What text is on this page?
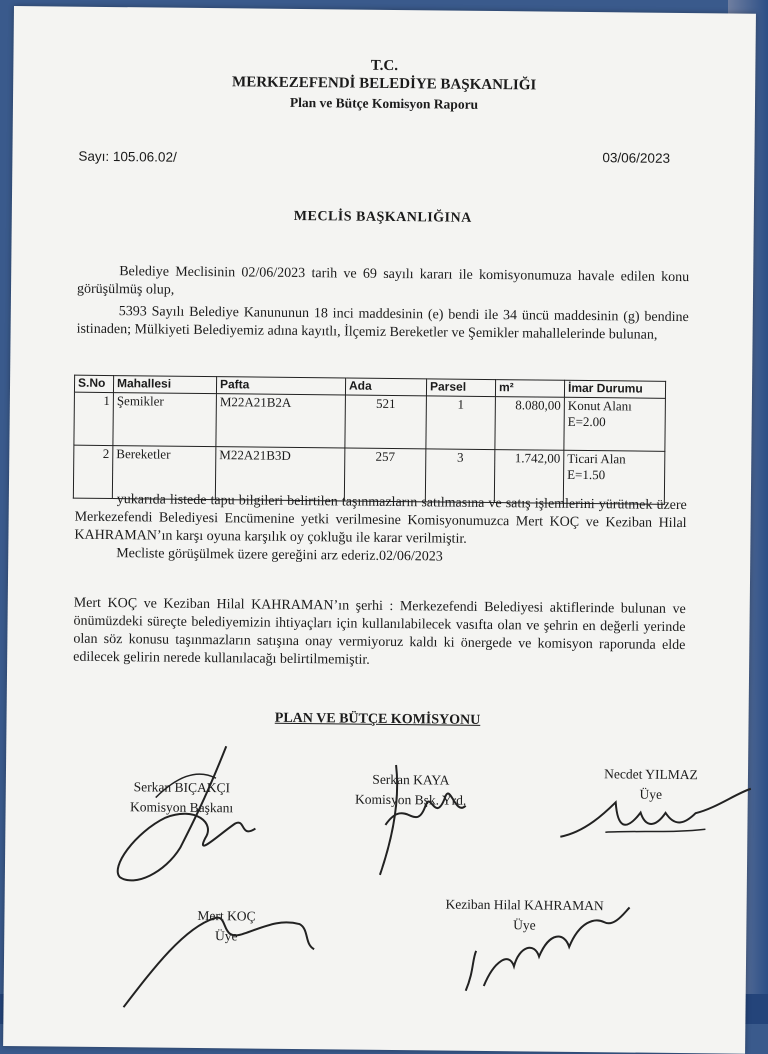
T.C.
MERKEZEFENDİ BELEDİYE BAŞKANLIĞI
Plan ve Bütçe Komisyon Raporu
Sayı: 105.06.02/	03/06/2023
MECLİS BAŞKANLIĞINA
Belediye Meclisinin 02/06/2023 tarih ve 69 sayılı kararı ile komisyonumuza havale edilen konu görüşülmüş olup,
5393 Sayılı Belediye Kanununun 18 inci maddesinin (e) bendi ile 34 üncü maddesinin (g) bendine istinaden; Mülkiyeti Belediyemiz adına kayıtlı, İlçemiz Bereketler ve Şemikler mahallelerinde bulunan,
S.No	Mahallesi	Pafta	Ada	Parsel	m²	İmar Durumu
1	Şemikler	M22A21B2A	521	1	8.080,00	Konut Alanı
E=2.00
2	Bereketler	M22A21B3D	257	3	1.742,00	Ticari Alan
E=1.50
yukarıda listede tapu bilgileri belirtilen taşınmazların satılmasına ve satış işlemlerini yürütmek üzere Merkezefendi Belediyesi Encümenine yetki verilmesine Komisyonumuzca Mert KOÇ ve Keziban Hilal KAHRAMAN’ın karşı oyuna karşılık oy çokluğu ile karar verilmiştir.
Mecliste görüşülmek üzere gereğini arz ederiz.02/06/2023
Mert KOÇ ve Keziban Hilal KAHRAMAN’ın şerhi : Merkezefendi Belediyesi aktiflerinde bulunan ve önümüzdeki süreçte belediyemizin ihtiyaçları için kullanılabilecek vasıfta olan ve şehrin en değerli yerinde olan söz konusu taşınmazların satışına onay vermiyoruz kaldı ki önergede ve komisyon raporunda elde edilecek gelirin nerede kullanılacağı belirtilmemiştir.
PLAN VE BÜTÇE KOMİSYONU
Serkan BIÇAKÇI
Komisyon Başkanı
Serkan KAYA
Komisyon Bşk. Yrd.
Necdet YILMAZ
Üye
Mert KOÇ
Üye
Keziban Hilal KAHRAMAN
Üye
